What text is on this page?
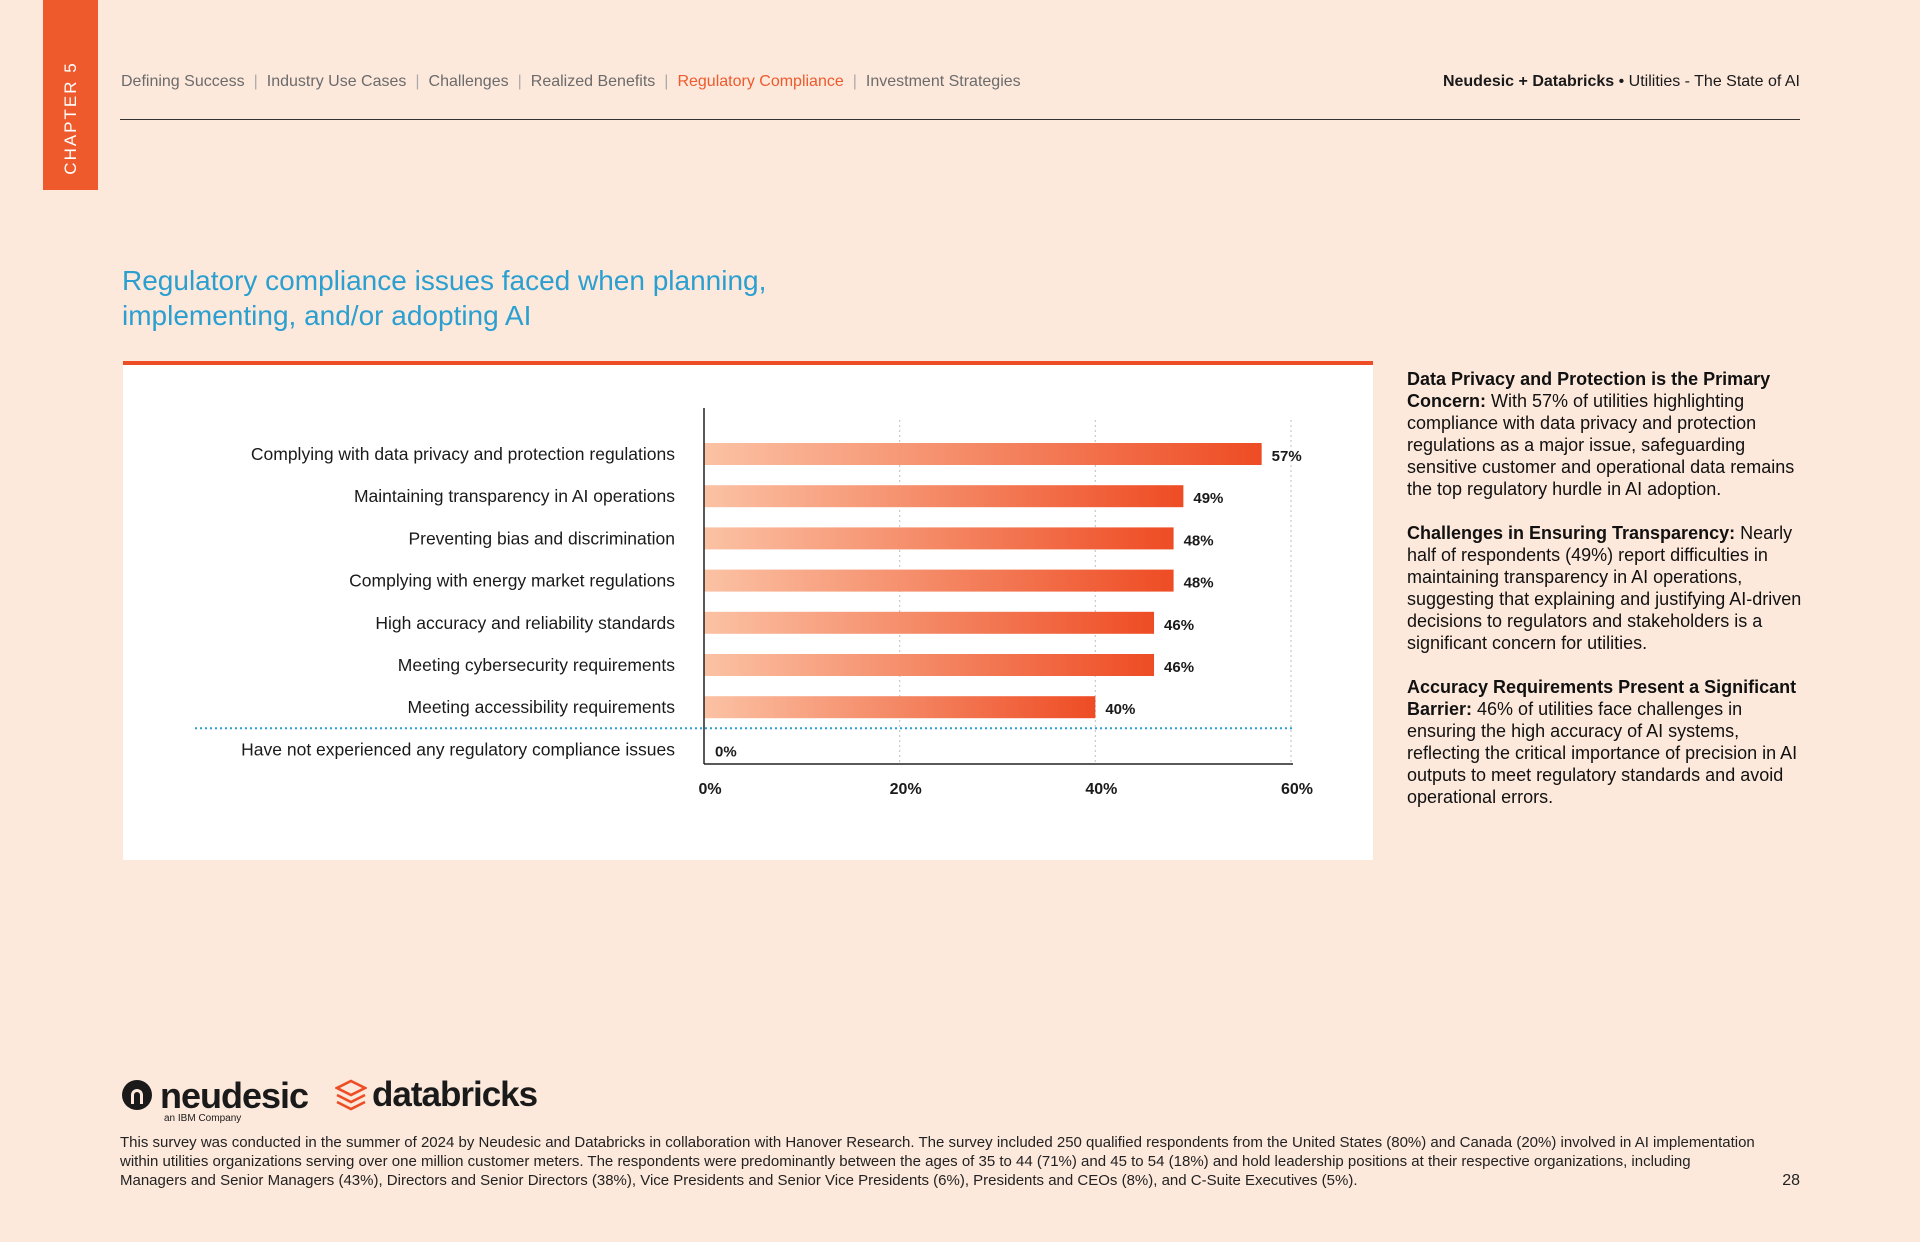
CHAPTER 5	Defining Success | Industry Use Cases | Challenges | Realized Benefits | Regulatory Compliance | Investment Strategies	Neudesic + Databricks • Utilities - The State of AI
Regulatory compliance issues faced when planning, implementing, and/or adopting AI
Complying with data privacy and protection regulations	57%
Maintaining transparency in AI operations	49%
Preventing bias and discrimination	48%
Complying with energy market regulations	48%
High accuracy and reliability standards	46%
Meeting cybersecurity requirements	46%
Meeting accessibility requirements	40%
Have not experienced any regulatory compliance issues	0%
0%	20%	40%	60%

Data Privacy and Protection is the Primary Concern: With 57% of utilities highlighting compliance with data privacy and protection regulations as a major issue, safeguarding sensitive customer and operational data remains the top regulatory hurdle in AI adoption.

Challenges in Ensuring Transparency: Nearly half of respondents (49%) report difficulties in maintaining transparency in AI operations, suggesting that explaining and justifying AI-driven decisions to regulators and stakeholders is a significant concern for utilities.

Accuracy Requirements Present a Significant Barrier: 46% of utilities face challenges in ensuring the high accuracy of AI systems, reflecting the critical importance of precision in AI outputs to meet regulatory standards and avoid operational errors.

neudesic
an IBM Company
databricks
This survey was conducted in the summer of 2024 by Neudesic and Databricks in collaboration with Hanover Research. The survey included 250 qualified respondents from the United States (80%) and Canada (20%) involved in AI implementation within utilities organizations serving over one million customer meters. The respondents were predominantly between the ages of 35 to 44 (71%) and 45 to 54 (18%) and hold leadership positions at their respective organizations, including Managers and Senior Managers (43%), Directors and Senior Directors (38%), Vice Presidents and Senior Vice Presidents (6%), Presidents and CEOs (8%), and C-Suite Executives (5%).	28
